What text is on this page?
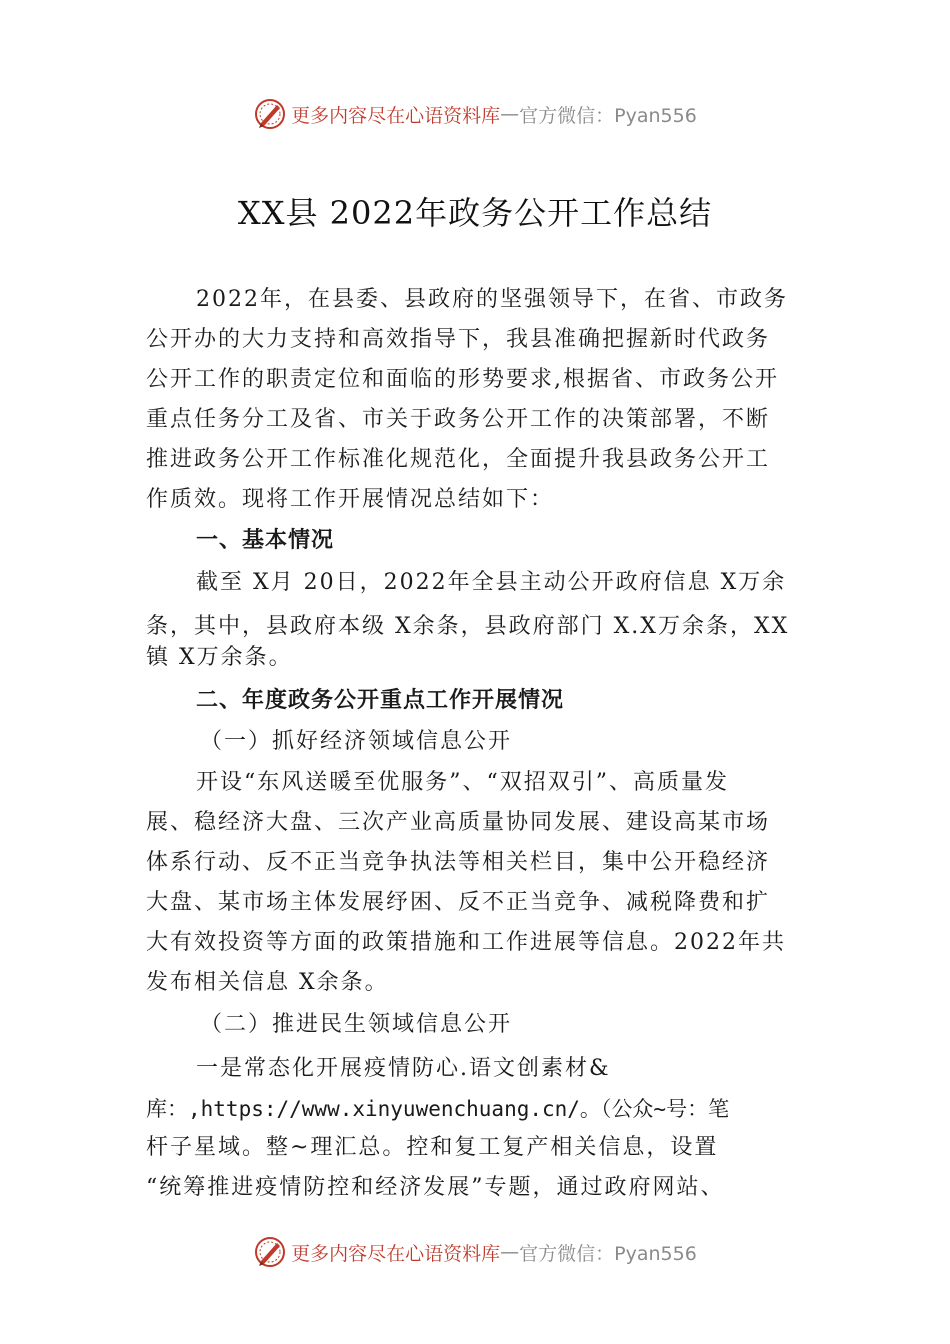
更多内容尽在心语资料库 — 官方微信：Pyan556
XX县 2022年政务公开工作总结
2022年，在县委、县政府的坚强领导下，在省、市政务
公开办的大力支持和高效指导下，我县准确把握新时代政务
公开工作的职责定位和面临的形势要求,根据省、市政务公开
重点任务分工及省、市关于政务公开工作的决策部署，不断
推进政务公开工作标准化规范化，全面提升我县政务公开工
作质效。现将工作开展情况总结如下：
一、基本情况
截至 X月 20日，2022年全县主动公开政府信息 X万余
条，其中，县政府本级 X余条，县政府部门 X.X万余条，XX
镇 X万余条。
二、年度政务公开重点工作开展情况
（一）抓好经济领域信息公开
开设“东风送暖至优服务”、“双招双引”、高质量发
展、稳经济大盘、三次产业高质量协同发展、建设高某市场
体系行动、反不正当竞争执法等相关栏目，集中公开稳经济
大盘、某市场主体发展纾困、反不正当竞争、减税降费和扩
大有效投资等方面的政策措施和工作进展等信息。2022年共
发布相关信息 X余条。
（二）推进民生领域信息公开
一是常态化开展疫情防心.语文创素材&
库：,https://www.xinyuwenchuang.cn/。（公众~号：笔
杆子星域。整~理汇总。控和复工复产相关信息，设置
“统筹推进疫情防控和经济发展”专题，通过政府网站、
更多内容尽在心语资料库 — 官方微信：Pyan556
